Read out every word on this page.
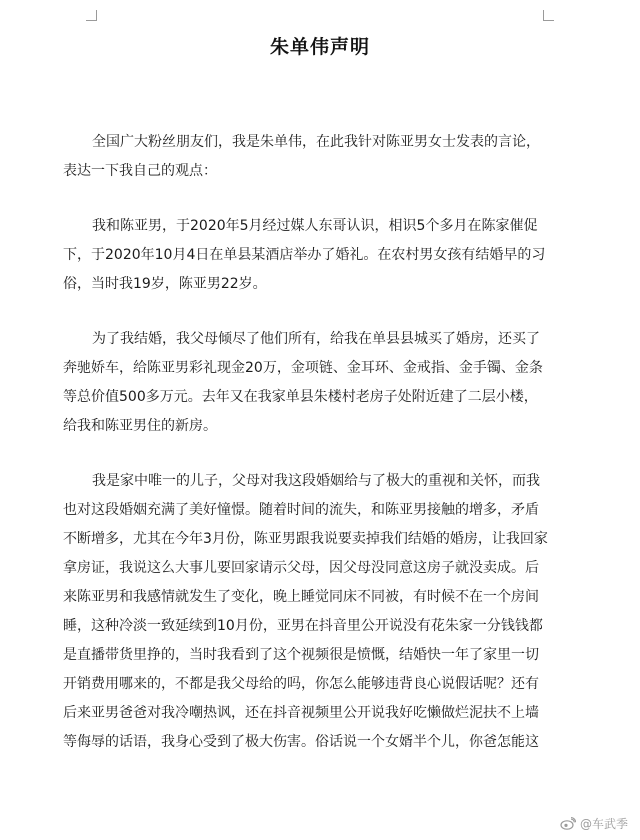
朱单伟声明

全国广大粉丝朋友们，我是朱单伟，在此我针对陈亚男女士发表的言论，
表达一下我自己的观点：

我和陈亚男，于2020年5月经过媒人东哥认识，相识5个多月在陈家催促
下，于2020年10月4日在单县某酒店举办了婚礼。在农村男女孩有结婚早的习
俗，当时我19岁，陈亚男22岁。

为了我结婚，我父母倾尽了他们所有，给我在单县县城买了婚房，还买了
奔驰娇车，给陈亚男彩礼现金20万，金项链、金耳环、金戒指、金手镯、金条
等总价值500多万元。去年又在我家单县朱楼村老房子处附近建了二层小楼，
给我和陈亚男住的新房。

我是家中唯一的儿子，父母对我这段婚姻给与了极大的重视和关怀，而我
也对这段婚姻充满了美好憧憬。随着时间的流失，和陈亚男接触的增多，矛盾
不断增多，尤其在今年3月份，陈亚男跟我说要卖掉我们结婚的婚房，让我回家
拿房证，我说这么大事儿要回家请示父母，因父母没同意这房子就没卖成。后
来陈亚男和我感情就发生了变化，晚上睡觉同床不同被，有时候不在一个房间
睡，这种冷淡一致延续到10月份，亚男在抖音里公开说没有花朱家一分钱钱都
是直播带货里挣的，当时我看到了这个视频很是愤慨，结婚快一年了家里一切
开销费用哪来的，不都是我父母给的吗，你怎么能够违背良心说假话呢？还有
后来亚男爸爸对我冷嘲热讽，还在抖音视频里公开说我好吃懒做烂泥扶不上墙
等侮辱的话语，我身心受到了极大伤害。俗话说一个女婿半个儿，你爸怎能这

@车武季
